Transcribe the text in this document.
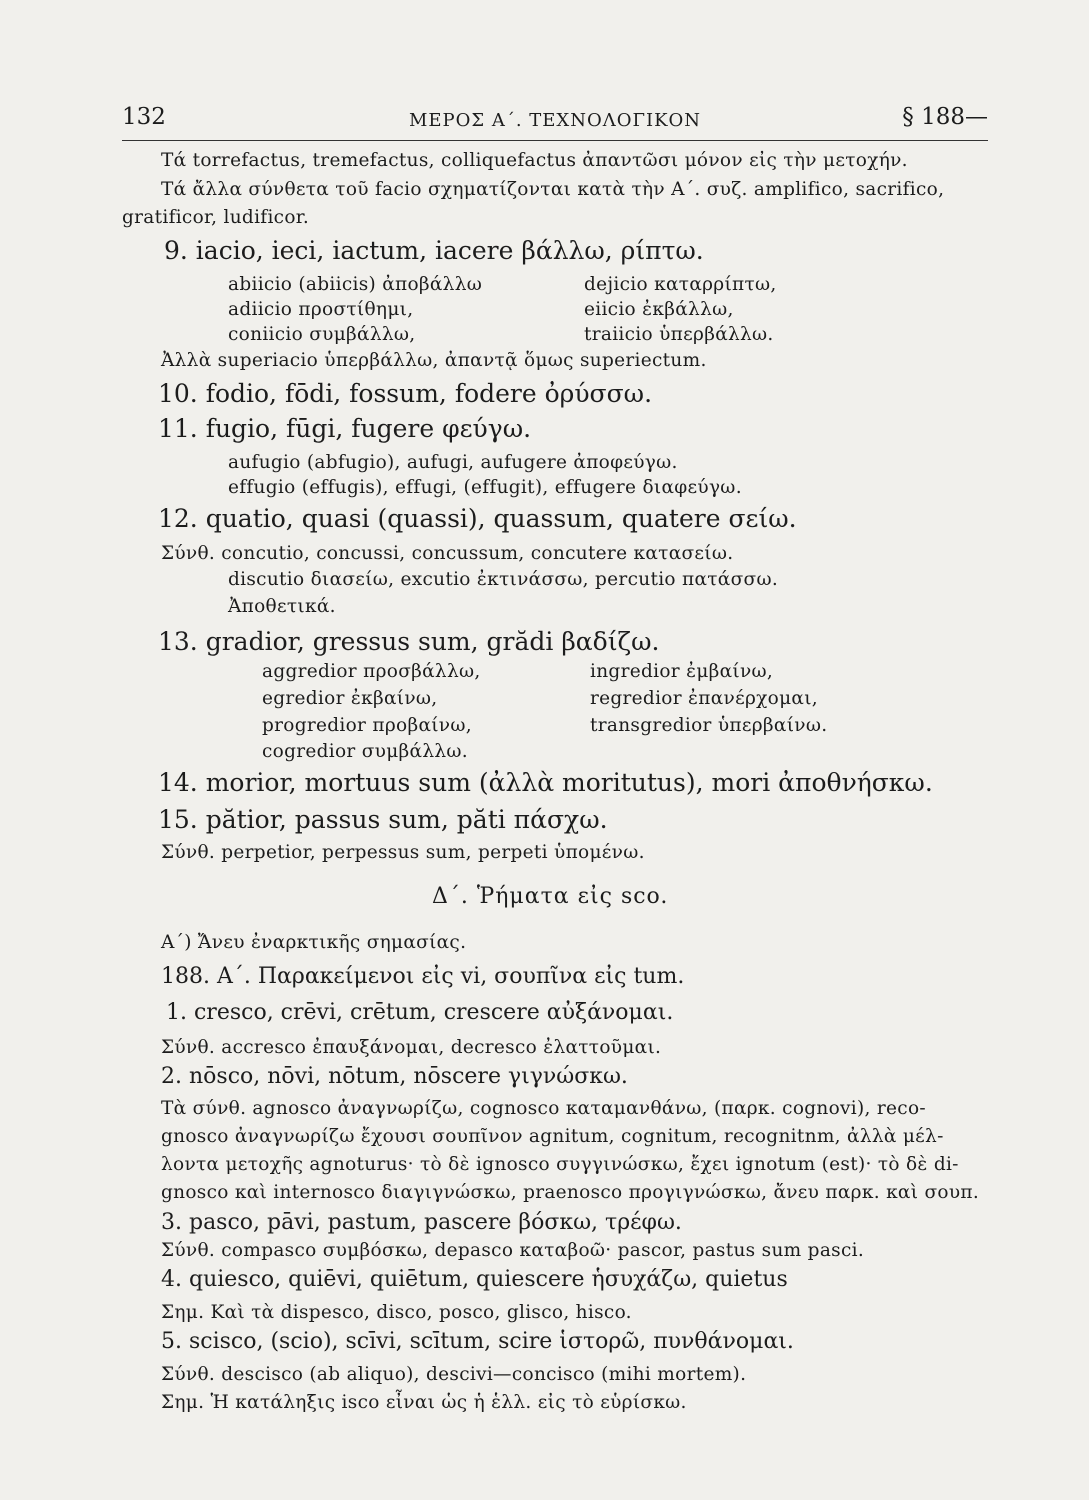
132	ΜΕΡΟΣ Α΄. ΤΕΧΝΟΛΟΓΙΚΟΝ	§ 188—
Τά torrefactus, tremefactus, colliquefactus ἀπαντῶσι μόνον εἰς τὴν μετοχήν.
Τά ἄλλα σύνθετα τοῦ facio σχηματίζονται κατὰ τὴν Α΄. συζ. amplifico, sacrifico,
gratificor, ludificor.
9. iacio, ieci, iactum, iacere βάλλω, ρίπτω.
abiicio (abiicis) ἀποβάλλω	dejicio καταρρίπτω,
adiicio προστίθημι,	eiicio ἐκβάλλω,
coniicio συμβάλλω,	traiicio ὑπερβάλλω.
Ἀλλὰ superiacio ὑπερβάλλω, ἀπαντᾷ ὅμως superiectum.
10. fodio, fōdi, fossum, fodere ὀρύσσω.
11. fugio, fūgi, fugere φεύγω.
aufugio (abfugio), aufugi, aufugere ἀποφεύγω.
effugio (effugis), effugi, (effugit), effugere διαφεύγω.
12. quatio, quasi (quassi), quassum, quatere σείω.
Σύνθ. concutio, concussi, concussum, concutere κατασείω.
discutio διασείω, excutio ἐκτινάσσω, percutio πατάσσω.
Ἀποθετικά.
13. gradior, gressus sum, grădi βαδίζω.
aggredior προσβάλλω,	ingredior ἐμβαίνω,
egredior ἐκβαίνω,	regredior ἐπανέρχομαι,
progredior προβαίνω,	transgredior ὑπερβαίνω.
cogredior συμβάλλω.
14. morior, mortuus sum (ἀλλὰ moritutus), mori ἀποθνήσκω.
15. pătior, passus sum, păti πάσχω.
Σύνθ. perpetior, perpessus sum, perpeti ὑπομένω.
Δ΄. Ῥήματα εἰς sco.
Α΄) Ἄνευ ἐναρκτικῆς σημασίας.
188. Α΄. Παρακείμενοι εἰς vi, σουπῖνα εἰς tum.
1. cresco, crēvi, crētum, crescere αὐξάνομαι.
Σύνθ. accresco ἐπαυξάνομαι, decresco ἐλαττοῦμαι.
2. nōsco, nōvi, nōtum, nōscere γιγνώσκω.
Τὰ σύνθ. agnosco ἀναγνωρίζω, cognosco καταμανθάνω, (παρκ. cognovi), reco-
gnosco ἀναγνωρίζω ἔχουσι σουπῖνον agnitum, cognitum, recognitnm, ἀλλὰ μέλ-
λοντα μετοχῆς agnoturus· τὸ δὲ ignosco συγγινώσκω, ἔχει ignotum (est)· τὸ δὲ di-
gnosco καὶ internosco διαγιγνώσκω, praenosco προγιγνώσκω, ἄνευ παρκ. καὶ σουπ.
3. pasco, pāvi, pastum, pascere βόσκω, τρέφω.
Σύνθ. compasco συμβόσκω, depasco καταβοῶ· pascor, pastus sum pasci.
4. quiesco, quiēvi, quiētum, quiescere ἡσυχάζω, quietus
Σημ. Καὶ τὰ dispesco, disco, posco, glisco, hisco.
5. scisco, (scio), scīvi, scītum, scire ἱστορῶ, πυνθάνομαι.
Σύνθ. descisco (ab aliquo), descivi—concisco (mihi mortem).
Σημ. Ἡ κατάληξις isco εἶναι ὡς ἡ ἑλλ. εἰς τὸ εὑρίσκω.
